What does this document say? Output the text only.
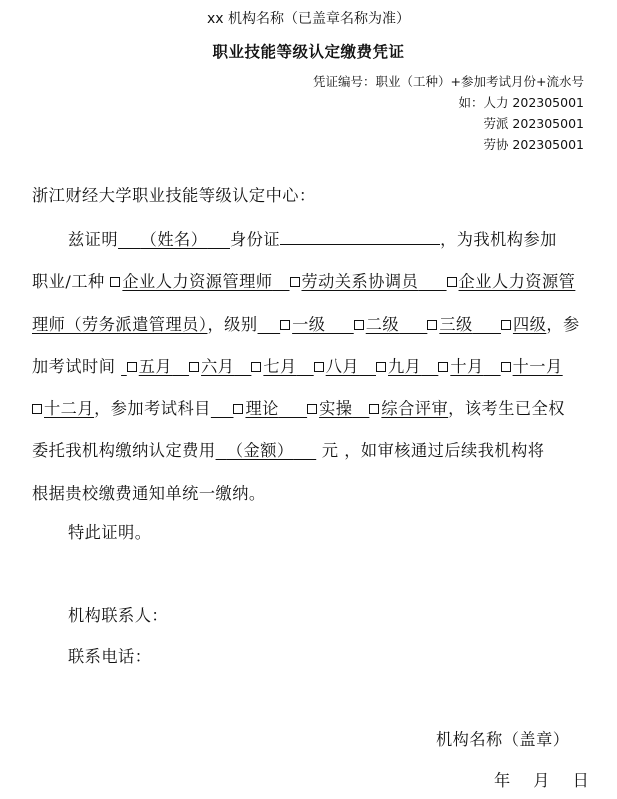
xx 机构名称（已盖章名称为准）
职业技能等级认定缴费凭证
凭证编号：职业（工种）+参加考试月份+流水号
如：人力 202305001
劳派 202305001
劳协 202305001
浙江财经大学职业技能等级认定中心：
兹证明 （姓名） 身份证	，为我机构参加
职业/工种 企业人力资源管理师 劳动关系协调员 企业人力资源管
理师（劳务派遣管理员），级别 一级 二级 三级 四级，参
加考试时间 五月 六月 七月 八月 九月 十月 十一月
十二月，参加考试科目 理论 实操 综合评审，该考生已全权
委托我机构缴纳认定费用 （金额） 元 ，如审核通过后续我机构将
根据贵校缴费通知单统一缴纳。
特此证明。
机构联系人：
联系电话：
机构名称（盖章）
年 月 日
